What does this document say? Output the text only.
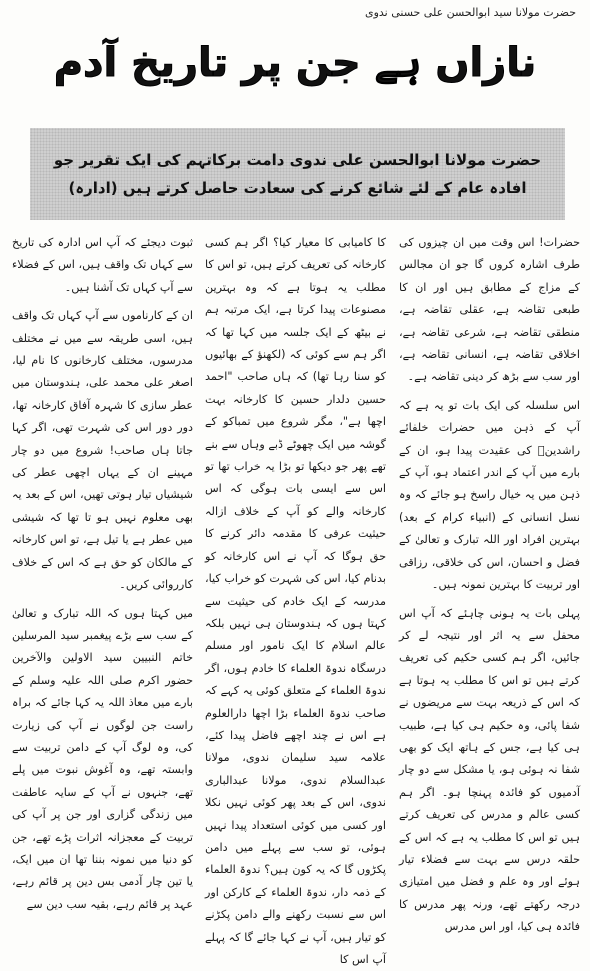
حضرت مولانا سید ابوالحسن علی حسنی ندوی
نازاں ہے جن پر تاریخ آدم
حضرت مولانا ابوالحسن علی ندوی دامت برکاتہم کی ایک تقریر جو افادہ عام کے لئے شائع کرنے کی سعادت حاصل کرتے ہیں (ادارہ)

حضرات! اس وقت میں ان چیزوں کی طرف اشارہ کروں گا جو ان مجالس کے مزاج کے مطابق ہیں اور ان کا طبعی تقاضہ ہے، عقلی تقاضہ ہے، منطقی تقاضہ ہے، شرعی تقاضہ ہے، اخلاقی تقاضہ ہے، انسانی تقاضہ ہے، اور سب سے بڑھ کر دینی تقاضہ ہے۔

اس سلسلہ کی ایک بات تو یہ ہے کہ آپ کے ذہن میں حضرات خلفائے راشدینؓ کی عقیدت پیدا ہو، ان کے بارے میں آپ کے اندر اعتماد ہو، آپ کے ذہن میں یہ خیال راسخ ہو جائے کہ وہ نسل انسانی کے (انبیاء کرام کے بعد) بہترین افراد اور اللہ تبارک و تعالیٰ کے فضل و احسان، اس کی خلاقی، رزاقی اور تربیت کا بہترین نمونہ ہیں۔

پہلی بات یہ ہونی چاہئے کہ آپ اس محفل سے یہ اثر اور نتیجہ لے کر جائیں، اگر ہم کسی حکیم کی تعریف کرتے ہیں تو اس کا مطلب یہ ہوتا ہے کہ اس کے ذریعہ بہت سے مریضوں نے شفا پائی، وہ حکیم ہی کیا ہے، طبیب ہی کیا ہے، جس کے ہاتھ ایک کو بھی شفا نہ ہوئی ہو، یا مشکل سے دو چار آدمیوں کو فائدہ پہنچا ہو۔ اگر ہم کسی عالم و مدرس کی تعریف کرتے ہیں تو اس کا مطلب یہ ہے کہ اس کے حلقہ درس سے بہت سے فضلاء تیار ہوئے اور وہ علم و فضل میں امتیازی درجہ رکھتے تھے، ورنہ پھر مدرس کا فائدہ ہی کیا، اور اس مدرس

کا کامیابی کا معیار کیا؟ اگر ہم کسی کارخانہ کی تعریف کرتے ہیں، تو اس کا مطلب یہ ہوتا ہے کہ وہ بہترین مصنوعات پیدا کرتا ہے، ایک مرتبہ ہم نے بیٹھ کے ایک جلسہ میں کہا تھا کہ اگر ہم سے کوئی کہ (لکھنؤ کے بھائیوں کو سنا رہا تھا) کہ ہاں صاحب "احمد حسین دلدار حسین کا کارخانہ بہت اچھا ہے"، مگر شروع میں تمباکو کے گوشہ میں ایک چھوٹے ڈبے وہاں سے بنے تھے پھر جو دیکھا تو بڑا یہ خراب تھا تو اس سے ایسی بات ہوگی کہ اس کارخانہ والے کو آپ کے خلاف ازالہ حیثیت عرفی کا مقدمہ دائر کرنے کا حق ہوگا کہ آپ نے اس کارخانہ کو بدنام کیا، اس کی شہرت کو خراب کیا، مدرسہ کے ایک خادم کی حیثیت سے کہتا ہوں کہ ہندوستان ہی نہیں بلکہ عالم اسلام کا ایک نامور اور مسلم درسگاہ ندوۃ العلماء کا خادم ہوں، اگر ندوۃ العلماء کے متعلق کوئی یہ کہے کہ صاحب ندوۃ العلماء بڑا اچھا دارالعلوم ہے اس نے چند اچھے فاضل پیدا کئے، علامہ سید سلیمان ندوی، مولانا عبدالسلام ندوی، مولانا عبدالباری ندوی، اس کے بعد پھر کوئی نہیں نکلا اور کسی میں کوئی استعداد پیدا نہیں ہوئی، تو سب سے پہلے میں دامن پکڑوں گا کہ یہ کون ہیں؟ ندوۃ العلماء کے ذمہ دار، ندوۃ العلماء کے کارکن اور اس سے نسبت رکھنے والے دامن پکڑنے کو تیار ہیں، آپ نے کہا جائے گا کہ پہلے آپ اس کا

ثبوت دیجئے کہ آپ اس ادارہ کی تاریخ سے کہاں تک واقف ہیں، اس کے فضلاء سے آپ کہاں تک آشنا ہیں۔

ان کے کارناموں سے آپ کہاں تک واقف ہیں، اسی طریقہ سے میں نے مختلف مدرسوں، مختلف کارخانوں کا نام لیا، اصغر علی محمد علی، ہندوستان میں عطر سازی کا شہرہ آفاق کارخانہ تھا، دور دور اس کی شہرت تھی، اگر کہا جاتا ہاں صاحب! شروع میں دو چار مہینے ان کے یہاں اچھی عطر کی شیشیاں تیار ہوتی تھیں، اس کے بعد یہ بھی معلوم نہیں ہو تا تھا کہ شیشی میں عطر ہے یا تیل ہے، تو اس کارخانہ کے مالکان کو حق ہے کہ اس کے خلاف کارروائی کریں۔

میں کہتا ہوں کہ اللہ تبارک و تعالیٰ کے سب سے بڑے پیغمبر سید المرسلین خاتم النبیین سید الاولین والآخرین حضور اکرم صلی اللہ علیہ وسلم کے بارے میں معاذ اللہ یہ کہا جائے کہ براہ راست جن لوگوں نے آپ کی زیارت کی، وہ لوگ آپ کے دامن تربیت سے وابستہ تھے، وہ آغوش نبوت میں پلے تھے، جنہوں نے آپ کے سایہ عاطفت میں زندگی گزاری اور جن پر آپ کی تربیت کے معجزانہ اثرات پڑے تھے، جن کو دنیا میں نمونہ بننا تھا ان میں ایک، یا تین چار آدمی بس دین پر قائم رہے، عہد پر قائم رہے، بقیہ سب دین سے
